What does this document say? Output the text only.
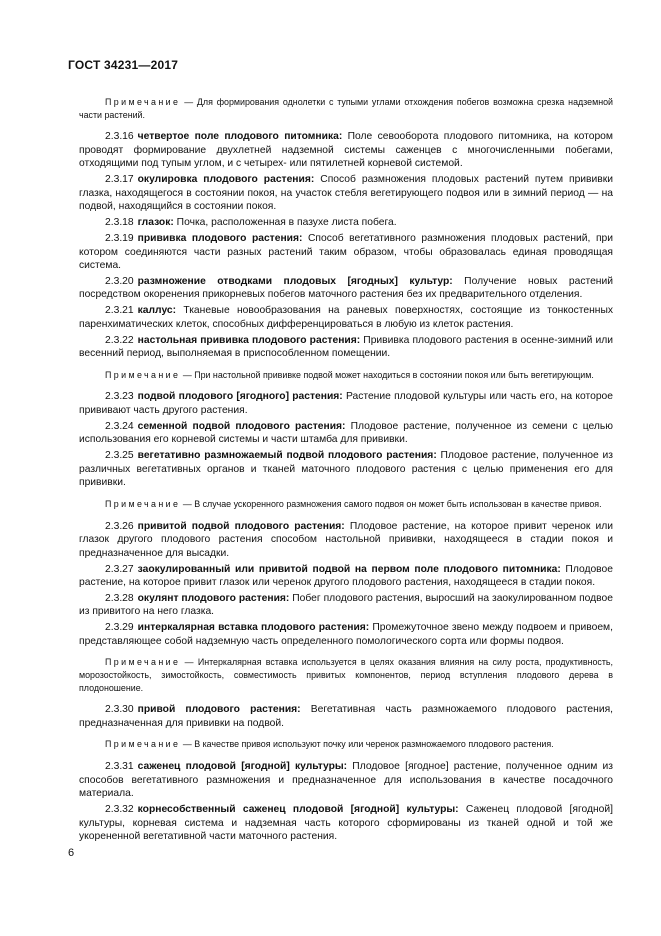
ГОСТ 34231—2017

Примечание — Для формирования однолетки с тупыми углами отхождения побегов возможна срезка надземной части растений.

2.3.16 четвертое поле плодового питомника: Поле севооборота плодового питомника, на котором проводят формирование двухлетней надземной системы саженцев с многочисленными побегами, отходящими под тупым углом, и с четырех- или пятилетней корневой системой.

2.3.17 окулировка плодового растения: Способ размножения плодовых растений путем прививки глазка, находящегося в состоянии покоя, на участок стебля вегетирующего подвоя или в зимний период — на подвой, находящийся в состоянии покоя.

2.3.18 глазок: Почка, расположенная в пазухе листа побега.

2.3.19 прививка плодового растения: Способ вегетативного размножения плодовых растений, при котором соединяются части разных растений таким образом, чтобы образовалась единая проводящая система.

2.3.20 размножение отводками плодовых [ягодных] культур: Получение новых растений посредством окоренения прикорневых побегов маточного растения без их предварительного отделения.

2.3.21 каллус: Тканевые новообразования на раневых поверхностях, состоящие из тонкостенных паренхиматических клеток, способных дифференцироваться в любую из клеток растения.

2.3.22 настольная прививка плодового растения: Прививка плодового растения в осенне-зимний или весенний период, выполняемая в приспособленном помещении.

Примечание — При настольной прививке подвой может находиться в состоянии покоя или быть вегетирующим.

2.3.23 подвой плодового [ягодного] растения: Растение плодовой культуры или часть его, на которое прививают часть другого растения.

2.3.24 семенной подвой плодового растения: Плодовое растение, полученное из семени с целью использования его корневой системы и части штамба для прививки.

2.3.25 вегетативно размножаемый подвой плодового растения: Плодовое растение, полученное из различных вегетативных органов и тканей маточного плодового растения с целью применения его для прививки.

Примечание — В случае ускоренного размножения самого подвоя он может быть использован в качестве привоя.

2.3.26 привитой подвой плодового растения: Плодовое растение, на которое привит черенок или глазок другого плодового растения способом настольной прививки, находящееся в стадии покоя и предназначенное для высадки.

2.3.27 заокулированный или привитой подвой на первом поле плодового питомника: Плодовое растение, на которое привит глазок или черенок другого плодового растения, находящееся в стадии покоя.

2.3.28 окулянт плодового растения: Побег плодового растения, выросший на заокулированном подвое из привитого на него глазка.

2.3.29 интеркалярная вставка плодового растения: Промежуточное звено между подвоем и привоем, представляющее собой надземную часть определенного помологического сорта или формы подвоя.

Примечание — Интеркалярная вставка используется в целях оказания влияния на силу роста, продуктивность, морозостойкость, зимостойкость, совместимость привитых компонентов, период вступления плодового дерева в плодоношение.

2.3.30 привой плодового растения: Вегетативная часть размножаемого плодового растения, предназначенная для прививки на подвой.

Примечание — В качестве привоя используют почку или черенок размножаемого плодового растения.

2.3.31 саженец плодовой [ягодной] культуры: Плодовое [ягодное] растение, полученное одним из способов вегетативного размножения и предназначенное для использования в качестве посадочного материала.

2.3.32 корнесобственный саженец плодовой [ягодной] культуры: Саженец плодовой [ягодной] культуры, корневая система и надземная часть которого сформированы из тканей одной и той же укорененной вегетативной части маточного растения.

6
